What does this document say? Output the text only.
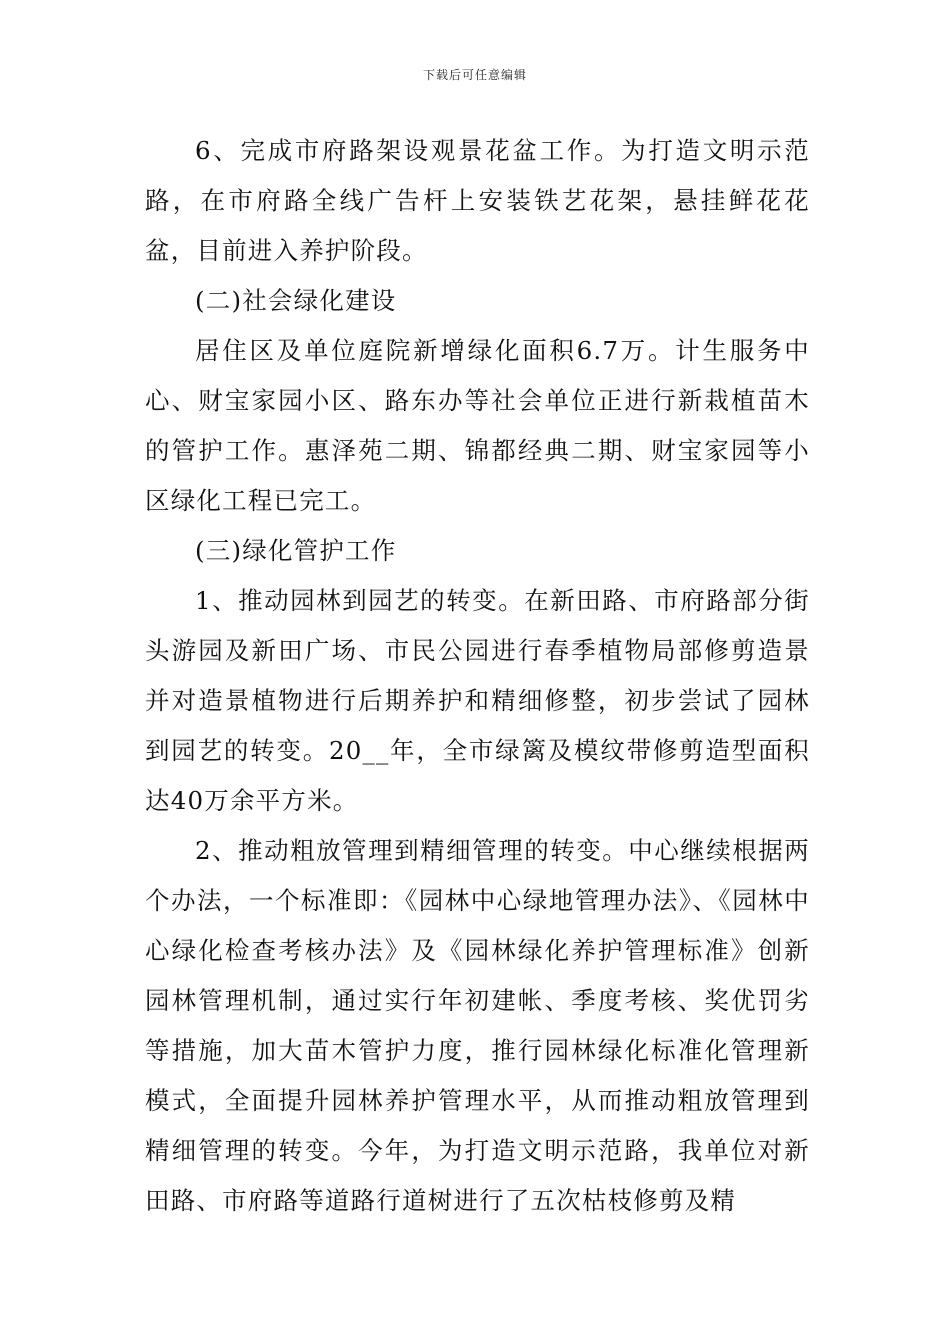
下载后可任意编辑

6、完成市府路架设观景花盆工作。为打造文明示范路，在市府路全线广告杆上安装铁艺花架，悬挂鲜花花盆，目前进入养护阶段。

(二)社会绿化建设

居住区及单位庭院新增绿化面积6.7万。计生服务中心、财宝家园小区、路东办等社会单位正进行新栽植苗木的管护工作。惠泽苑二期、锦都经典二期、财宝家园等小区绿化工程已完工。

(三)绿化管护工作

1、推动园林到园艺的转变。在新田路、市府路部分街头游园及新田广场、市民公园进行春季植物局部修剪造景并对造景植物进行后期养护和精细修整，初步尝试了园林到园艺的转变。20__年，全市绿篱及模纹带修剪造型面积达40万余平方米。

2、推动粗放管理到精细管理的转变。中心继续根据两个办法，一个标准即：《园林中心绿地管理办法》、《园林中心绿化检查考核办法》及《园林绿化养护管理标准》创新园林管理机制，通过实行年初建帐、季度考核、奖优罚劣等措施，加大苗木管护力度，推行园林绿化标准化管理新模式，全面提升园林养护管理水平，从而推动粗放管理到精细管理的转变。今年，为打造文明示范路，我单位对新田路、市府路等道路行道树进行了五次枯枝修剪及精
